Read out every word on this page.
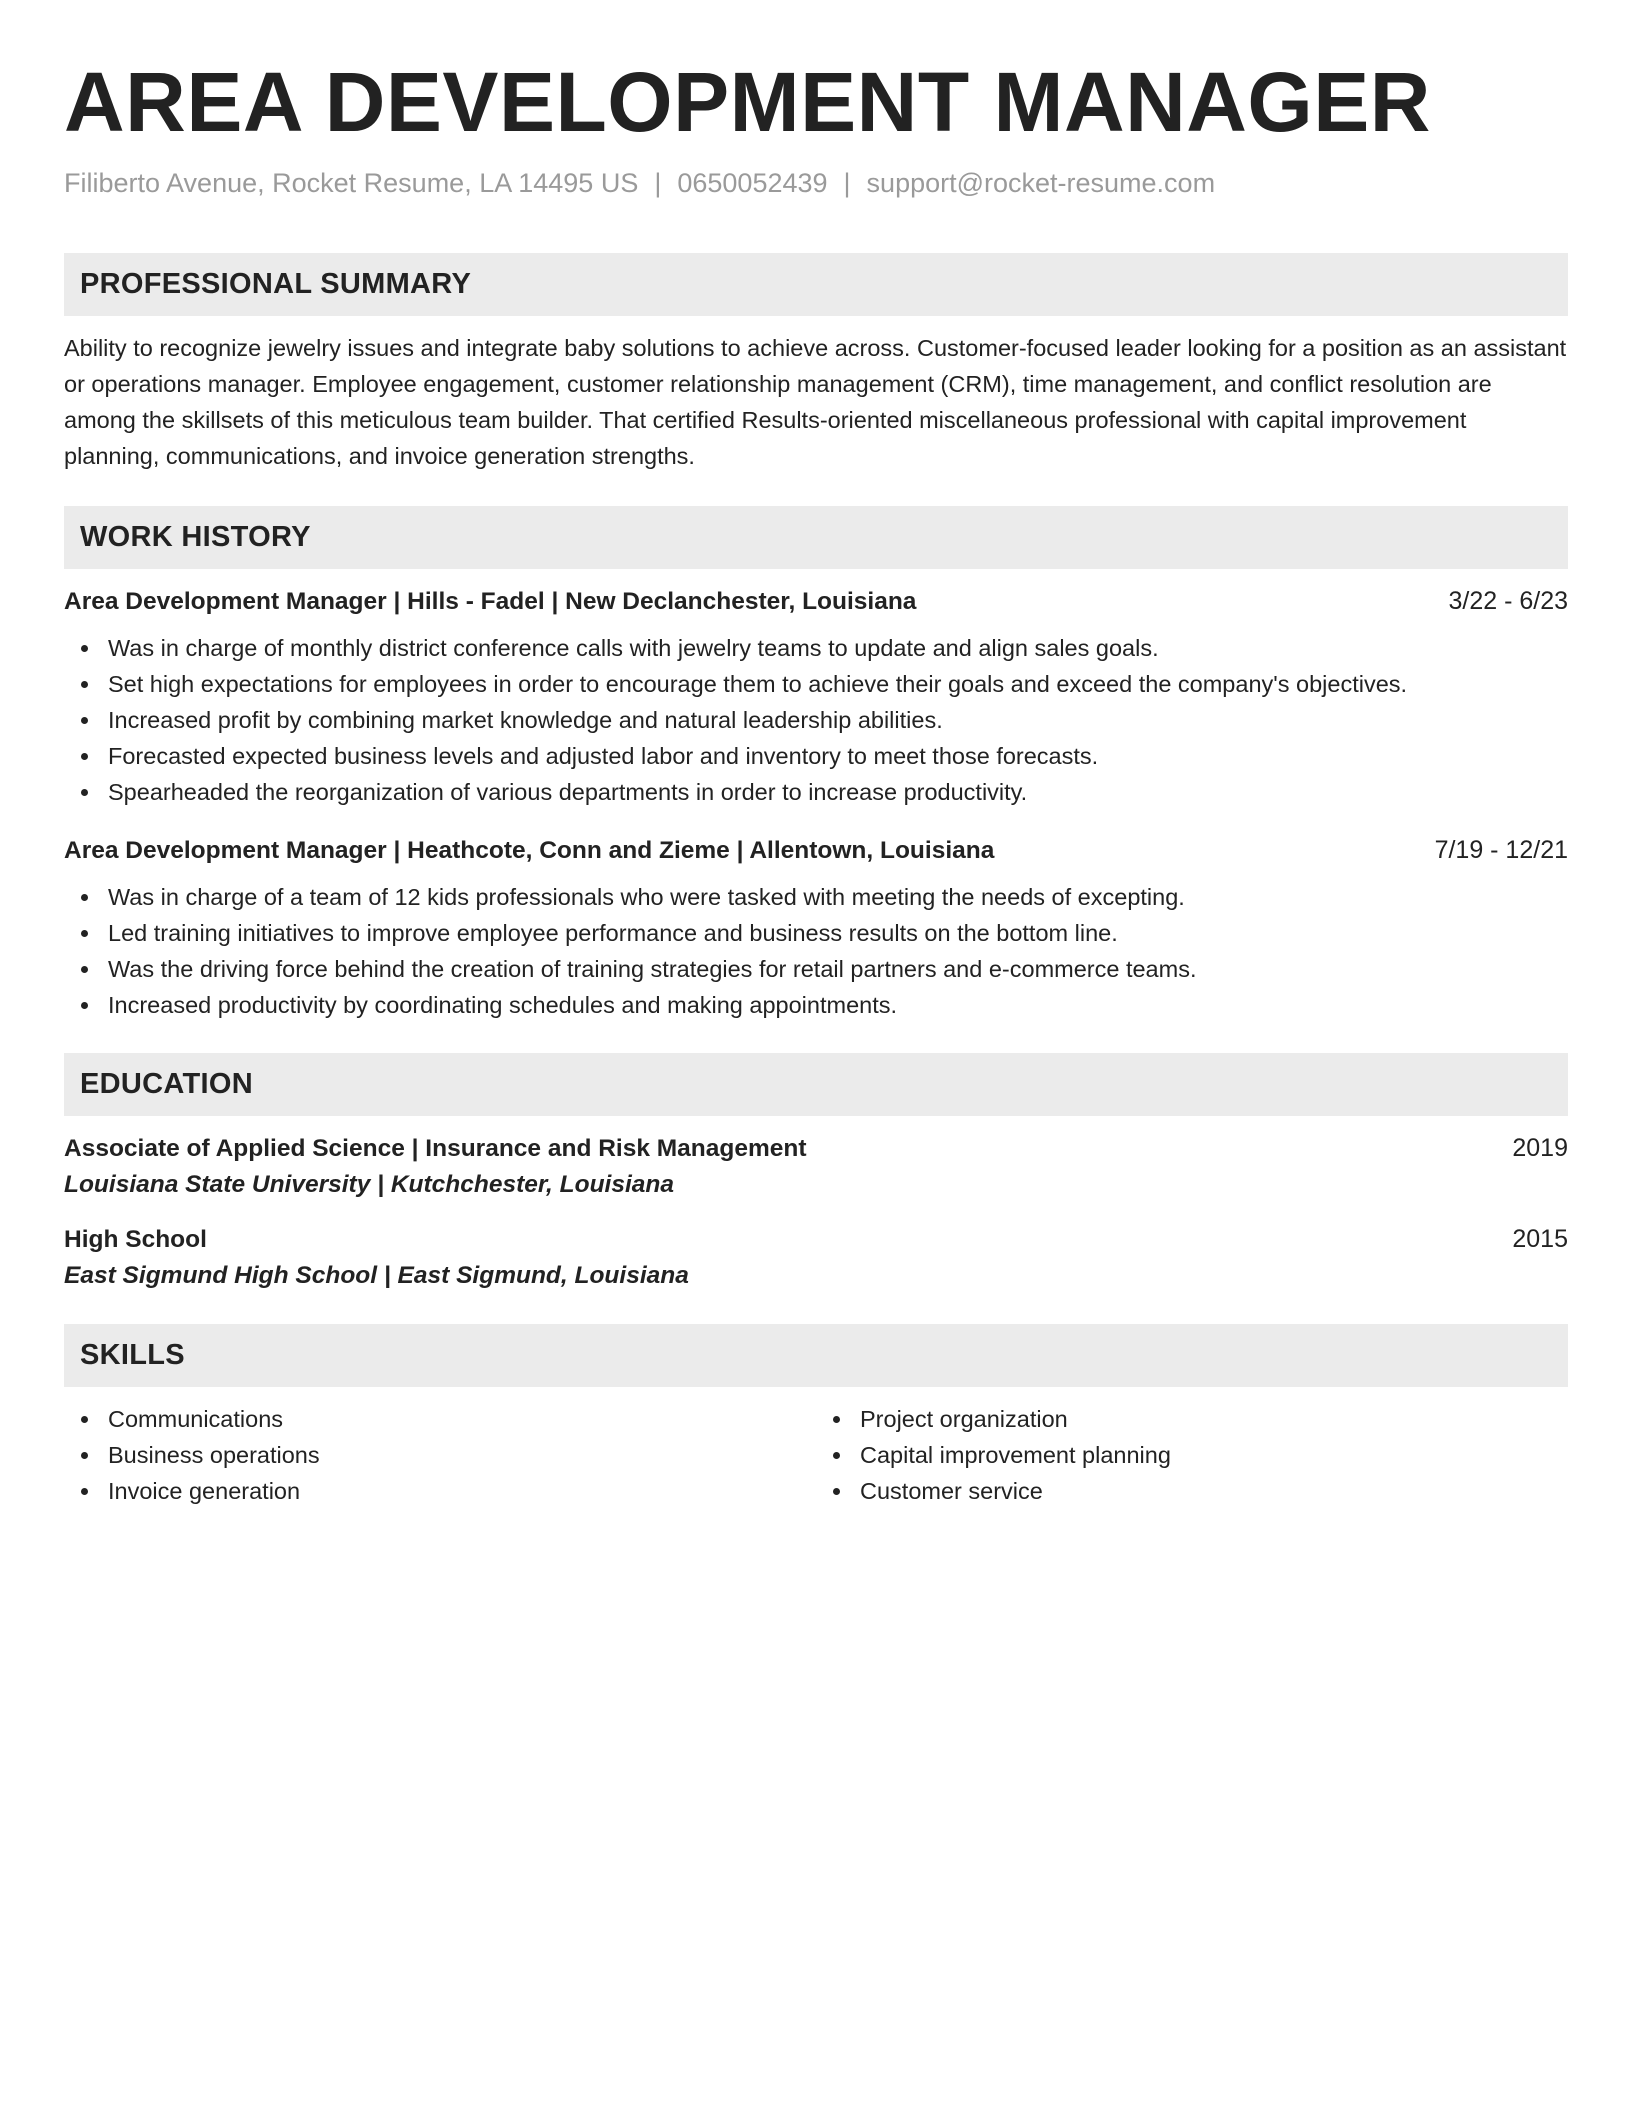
AREA DEVELOPMENT MANAGER
Filiberto Avenue, Rocket Resume, LA 14495 US | 0650052439 | support@rocket-resume.com
PROFESSIONAL SUMMARY

Ability to recognize jewelry issues and integrate baby solutions to achieve across. Customer-focused leader looking for a position as an assistant or operations manager. Employee engagement, customer relationship management (CRM), time management, and conflict resolution are among the skillsets of this meticulous team builder. That certified Results-oriented miscellaneous professional with capital improvement planning, communications, and invoice generation strengths.

WORK HISTORY
Area Development Manager | Hills - Fadel | New Declanchester, Louisiana	3/22 - 6/23
Was in charge of monthly district conference calls with jewelry teams to update and align sales goals.
Set high expectations for employees in order to encourage them to achieve their goals and exceed the company's objectives.
Increased profit by combining market knowledge and natural leadership abilities.
Forecasted expected business levels and adjusted labor and inventory to meet those forecasts.
Spearheaded the reorganization of various departments in order to increase productivity.
Area Development Manager | Heathcote, Conn and Zieme | Allentown, Louisiana	7/19 - 12/21
Was in charge of a team of 12 kids professionals who were tasked with meeting the needs of excepting.
Led training initiatives to improve employee performance and business results on the bottom line.
Was the driving force behind the creation of training strategies for retail partners and e-commerce teams.
Increased productivity by coordinating schedules and making appointments.
EDUCATION
Associate of Applied Science | Insurance and Risk Management	2019
Louisiana State University | Kutchchester, Louisiana
High School	2015
East Sigmund High School | East Sigmund, Louisiana
SKILLS
Communications
Business operations
Invoice generation
Project organization
Capital improvement planning
Customer service
